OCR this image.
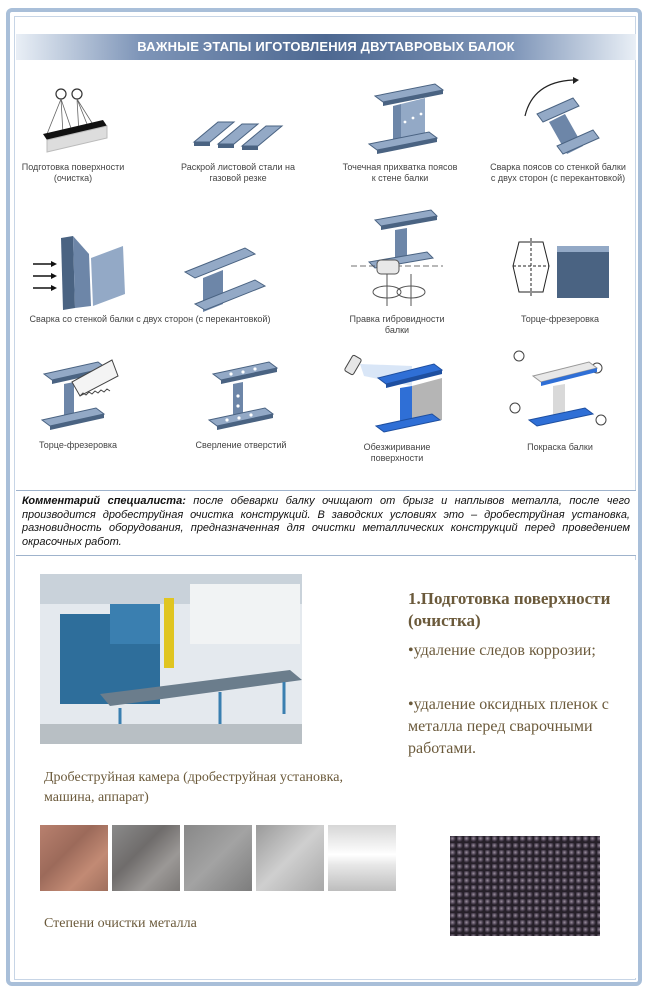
ВАЖНЫЕ ЭТАПЫ ИГОТОВЛЕНИЯ ДВУТАВРОВЫХ БАЛОК
Подготовка поверхности (очистка)
Раскрой листовой стали на газовой резке
Точечная прихватка поясов к стене балки
Сварка поясов со стенкой балки с двух сторон (с перекантовкой)
Сварка со стенкой балки с двух сторон (с перекантовкой)	Правка гибровидности балки
Торце-фрезеровка
Торце-фрезеровка	Сверление отверстий	Обезжиривание поверхности
Покраска балки
Комментарий специалиста: после обеварки балку очищают от брызг и наплывов металла, после чего производится дробеструйная очистка конструкций. В заводских условиях это – дробеструйная установка, разновидность оборудования, предназначенная для очистки металлических конструкций перед проведением окрасочных работ.
1.Подготовка поверхности (очистка)
•удаление следов коррозии;
•удаление оксидных пленок с металла перед сварочными работами.
Дробеструйная камера (дробеструйная установка, машина, аппарат)
Степени очистки металла
